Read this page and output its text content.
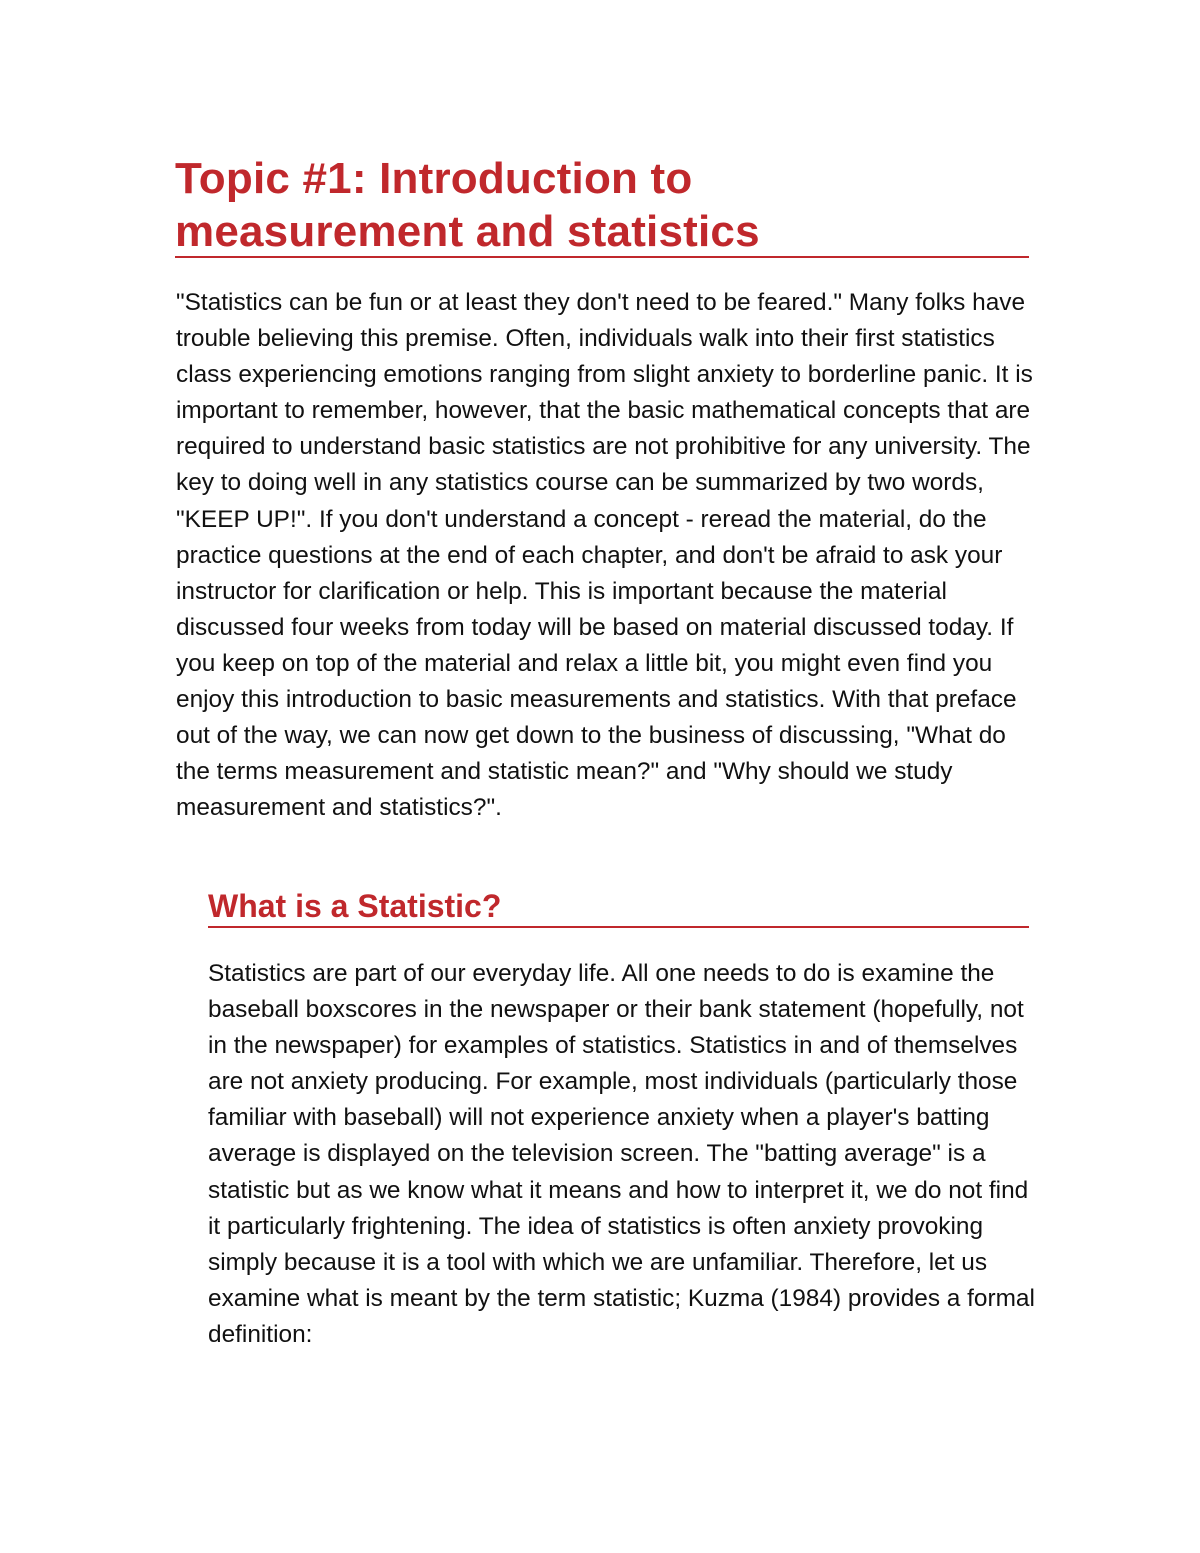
Topic #1: Introduction to
measurement and statistics

"Statistics can be fun or at least they don't need to be feared." Many folks have trouble believing this premise. Often, individuals walk into their first statistics class experiencing emotions ranging from slight anxiety to borderline panic. It is important to remember, however, that the basic mathematical concepts that are required to understand basic statistics are not prohibitive for any university. The key to doing well in any statistics course can be summarized by two words, "KEEP UP!". If you don't understand a concept - reread the material, do the practice questions at the end of each chapter, and don't be afraid to ask your instructor for clarification or help. This is important because the material discussed four weeks from today will be based on material discussed today. If you keep on top of the material and relax a little bit, you might even find you enjoy this introduction to basic measurements and statistics. With that preface out of the way, we can now get down to the business of discussing, "What do the terms measurement and statistic mean?" and "Why should we study measurement and statistics?".

What is a Statistic?

Statistics are part of our everyday life. All one needs to do is examine the baseball boxscores in the newspaper or their bank statement (hopefully, not in the newspaper) for examples of statistics. Statistics in and of themselves are not anxiety producing. For example, most individuals (particularly those familiar with baseball) will not experience anxiety when a player's batting average is displayed on the television screen. The "batting average" is a statistic but as we know what it means and how to interpret it, we do not find it particularly frightening. The idea of statistics is often anxiety provoking simply because it is a tool with which we are unfamiliar. Therefore, let us examine what is meant by the term statistic; Kuzma (1984) provides a formal definition:
